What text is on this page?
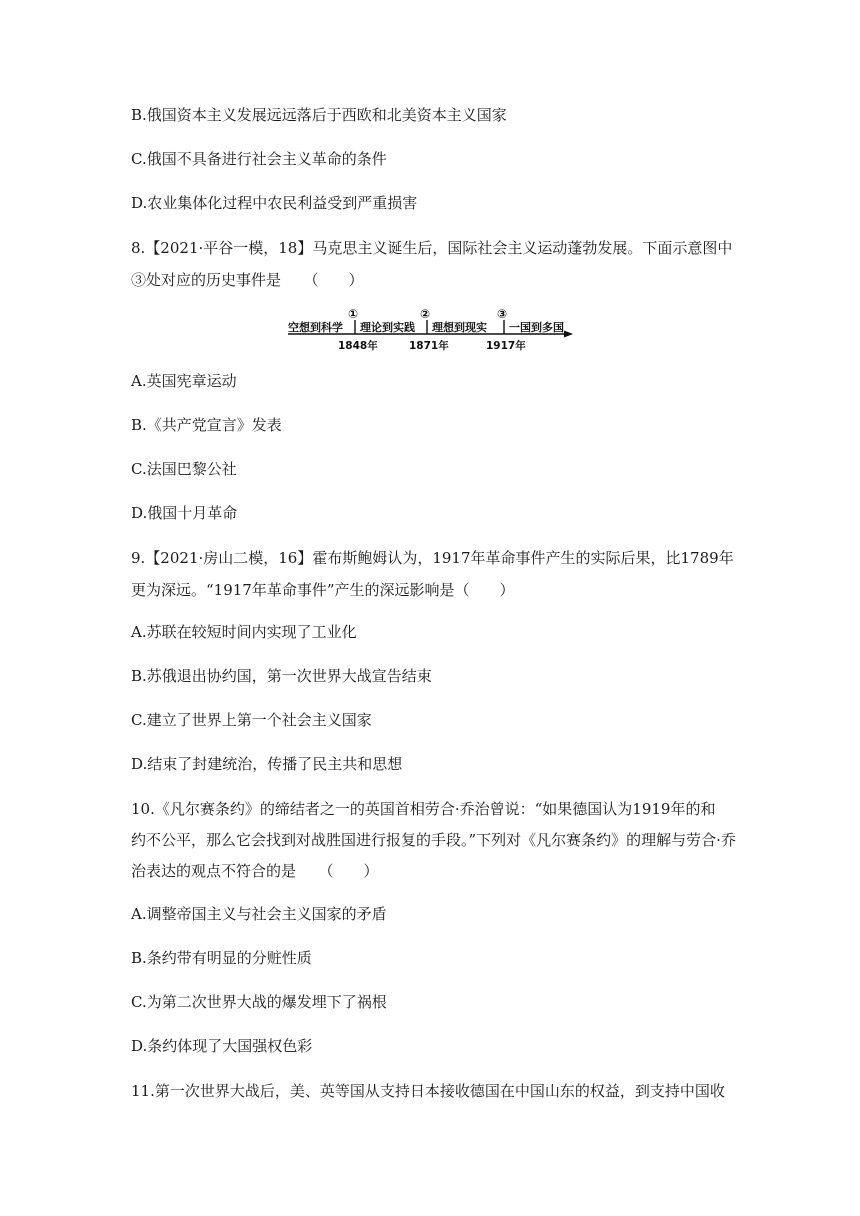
B.俄国资本主义发展远远落后于西欧和北美资本主义国家
C.俄国不具备进行社会主义革命的条件
D.农业集体化过程中农民利益受到严重损害
8.【2021·平谷一模，18】马克思主义诞生后，国际社会主义运动蓬勃发展。下面示意图中
③处对应的历史事件是　　（　　）
空想到科学 理论到实践 理想到现实 一国到多国
①	②	③
1848年	1871年	1917年
A.英国宪章运动
B.《共产党宣言》发表
C.法国巴黎公社
D.俄国十月革命
9.【2021·房山二模，16】霍布斯鲍姆认为，1917年革命事件产生的实际后果，比1789年
更为深远。“1917年革命事件”产生的深远影响是（　　）
A.苏联在较短时间内实现了工业化
B.苏俄退出协约国，第一次世界大战宣告结束
C.建立了世界上第一个社会主义国家
D.结束了封建统治，传播了民主共和思想
10.《凡尔赛条约》的缔结者之一的英国首相劳合·乔治曾说：“如果德国认为1919年的和
约不公平，那么它会找到对战胜国进行报复的手段。”下列对《凡尔赛条约》的理解与劳合·乔
治表达的观点不符合的是　　（　　）
A.调整帝国主义与社会主义国家的矛盾
B.条约带有明显的分赃性质
C.为第二次世界大战的爆发埋下了祸根
D.条约体现了大国强权色彩
11.第一次世界大战后，美、英等国从支持日本接收德国在中国山东的权益，到支持中国收
